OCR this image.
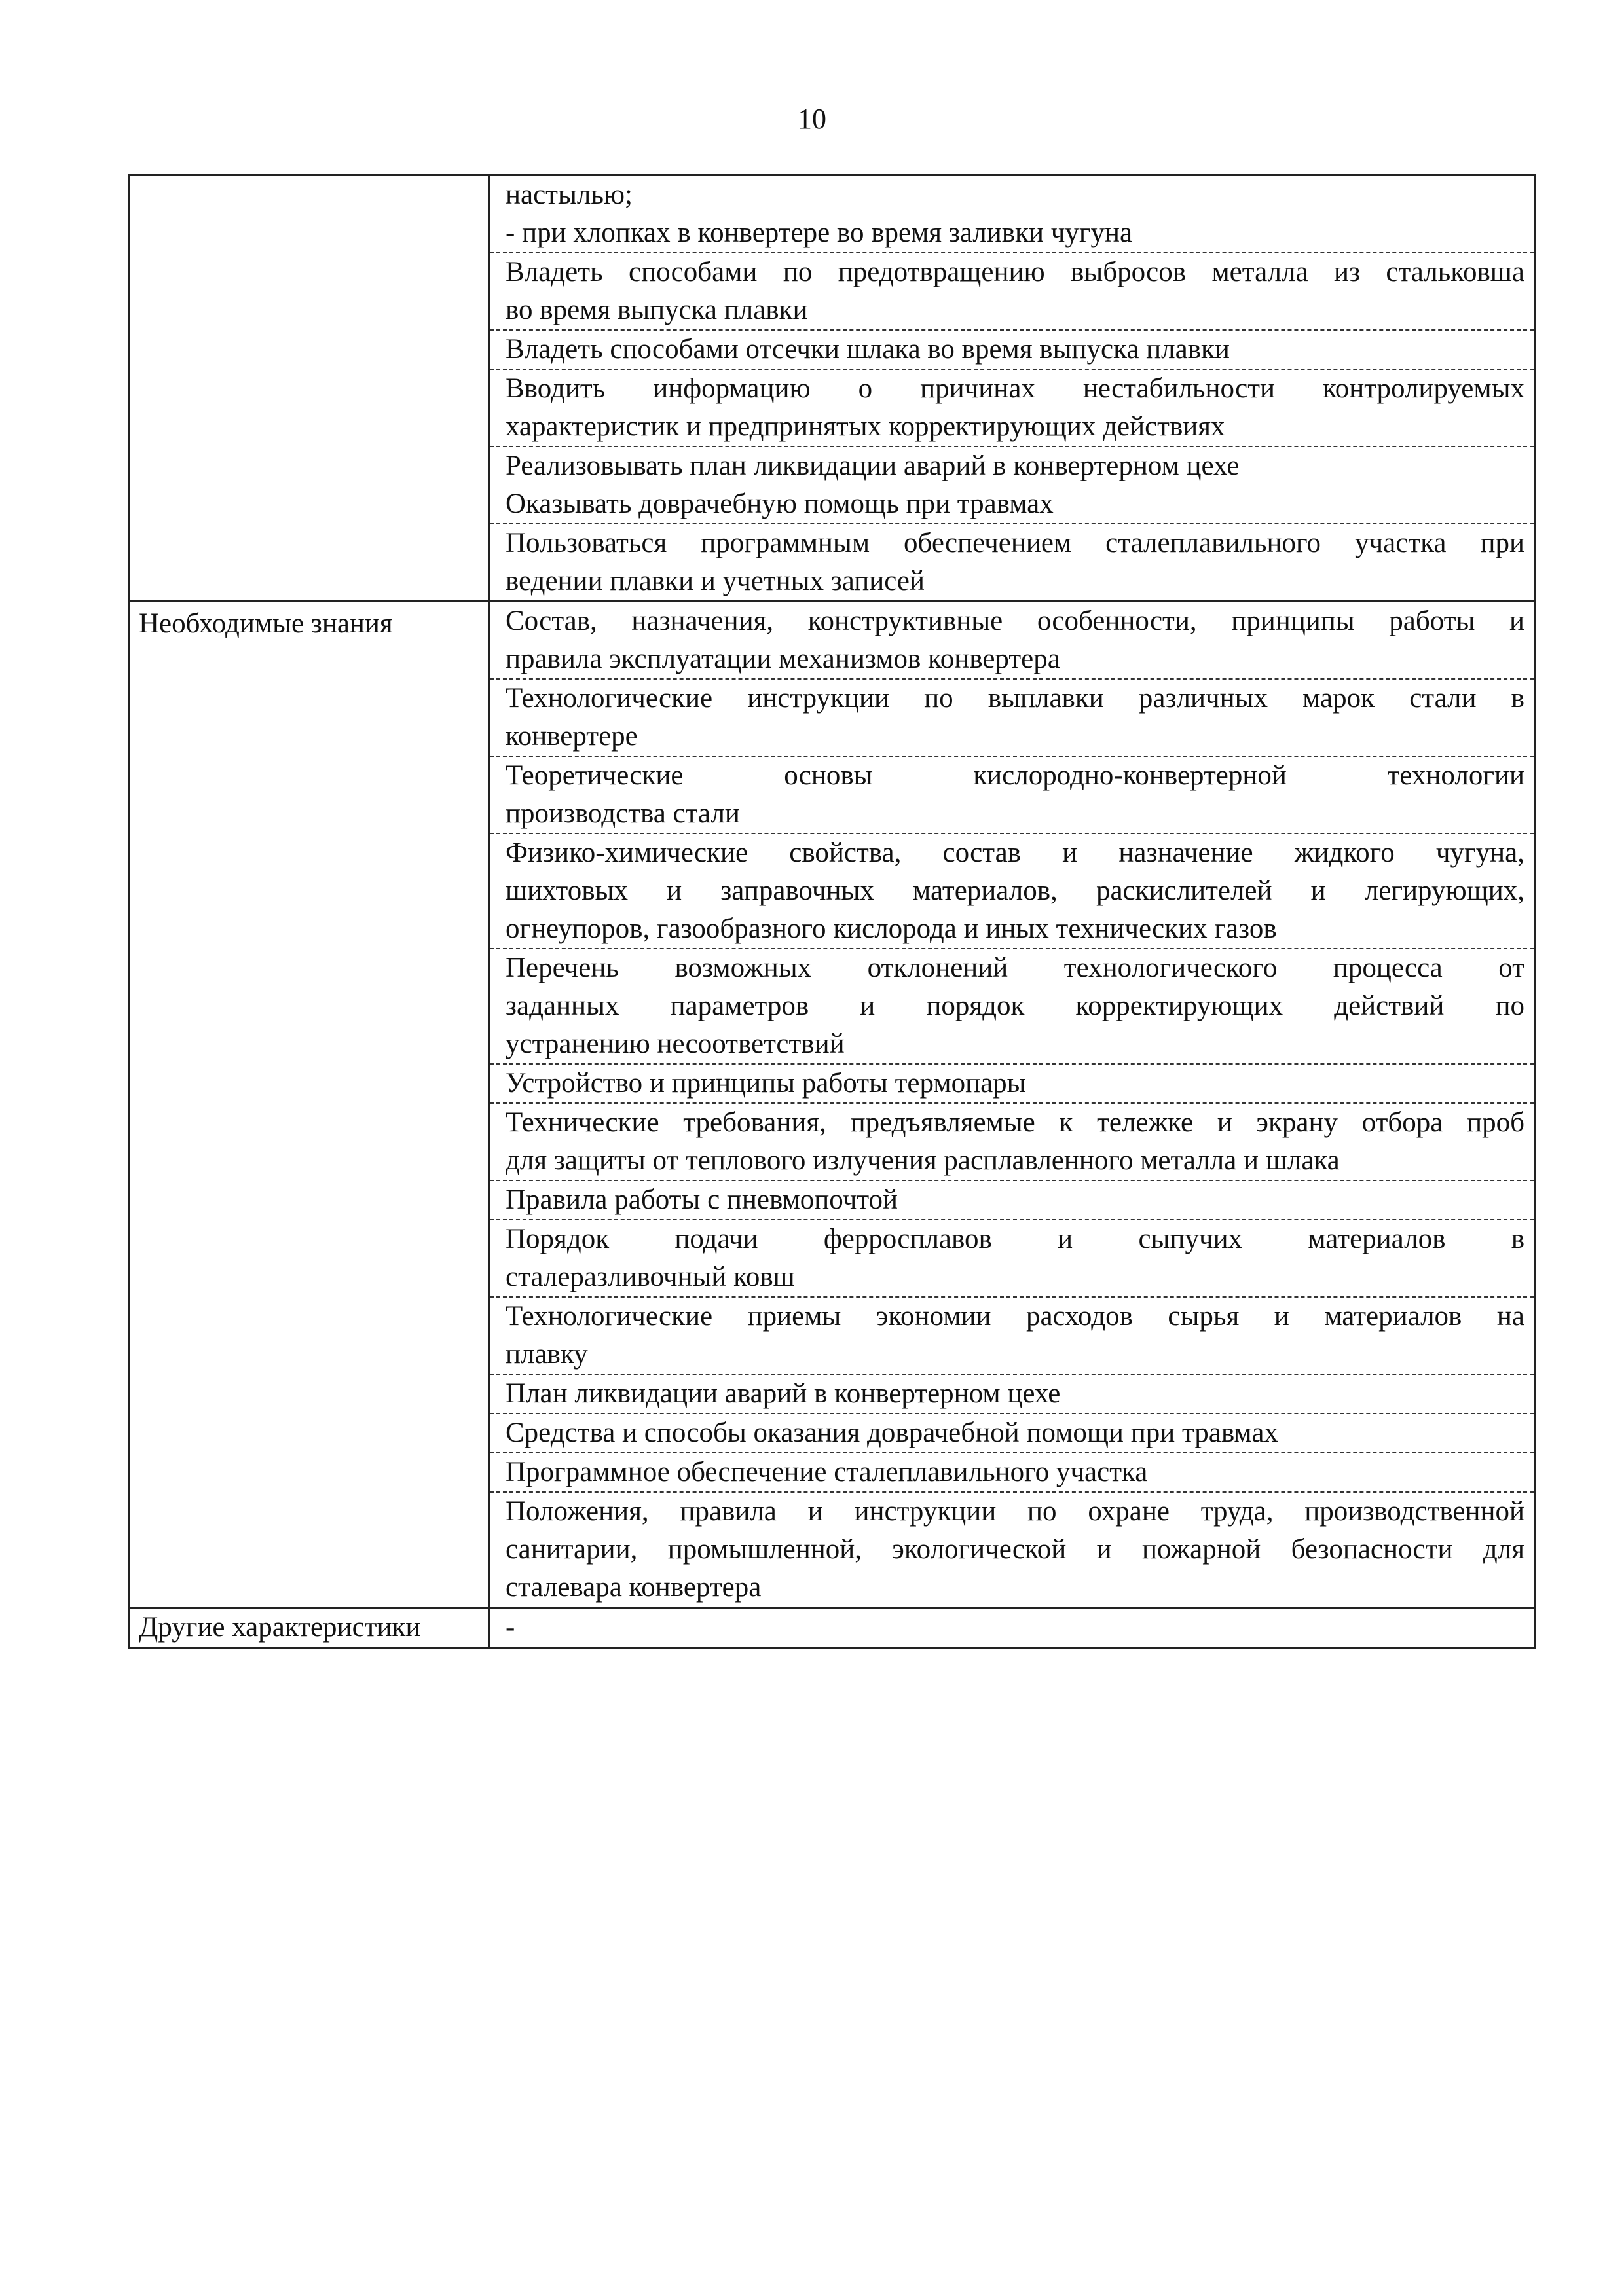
10
настылью;
- при хлопках в конвертере во время заливки чугуна
Владеть способами по предотвращению выбросов металла из стальковша
во время выпуска плавки
Владеть способами отсечки шлака во время выпуска плавки
Вводить информацию о причинах нестабильности контролируемых
характеристик и предпринятых корректирующих действиях
Реализовывать план ликвидации аварий в конвертерном цехе
Оказывать доврачебную помощь при травмах
Пользоваться программным обеспечением сталеплавильного участка при
ведении плавки и учетных записей
Необходимые знания	Состав, назначения, конструктивные особенности, принципы работы и
правила эксплуатации механизмов конвертера
Технологические инструкции по выплавки различных марок стали в
конвертере
Теоретические основы кислородно-конвертерной технологии
производства стали
Физико-химические свойства, состав и назначение жидкого чугуна,
шихтовых и заправочных материалов, раскислителей и легирующих,
огнеупоров, газообразного кислорода и иных технических газов
Перечень возможных отклонений технологического процесса от
заданных параметров и порядок корректирующих действий по
устранению несоответствий
Устройство и принципы работы термопары
Технические требования, предъявляемые к тележке и экрану отбора проб
для защиты от теплового излучения расплавленного металла и шлака
Правила работы с пневмопочтой
Порядок подачи ферросплавов и сыпучих материалов в
сталеразливочный ковш
Технологические приемы экономии расходов сырья и материалов на
плавку
План ликвидации аварий в конвертерном цехе
Средства и способы оказания доврачебной помощи при травмах
Программное обеспечение сталеплавильного участка
Положения, правила и инструкции по охране труда, производственной
санитарии, промышленной, экологической и пожарной безопасности для
сталевара конвертера
Другие характеристики	-
